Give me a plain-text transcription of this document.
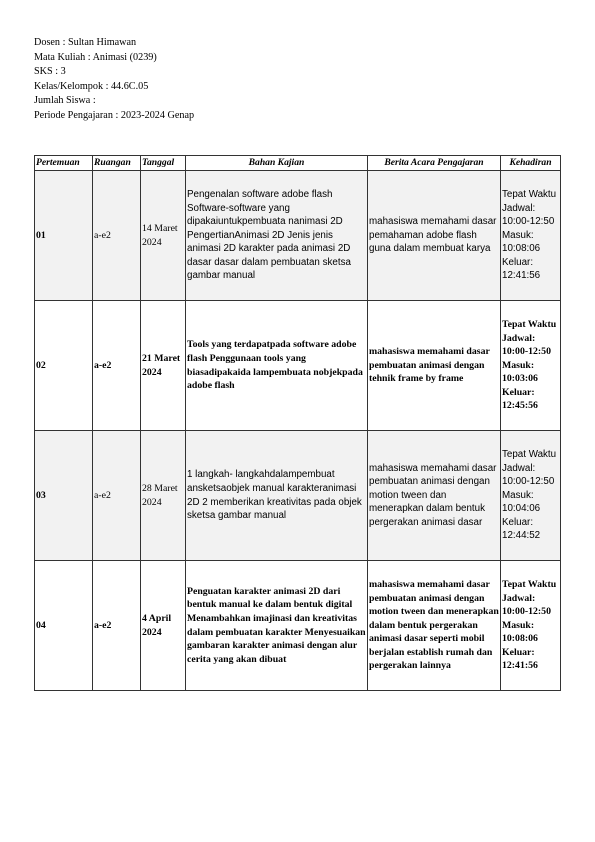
Dosen : Sultan Himawan
Mata Kuliah : Animasi (0239)
SKS : 3
Kelas/Kelompok : 44.6C.05
Jumlah Siswa :
Periode Pengajaran : 2023-2024 Genap
Pertemuan	Ruangan	Tanggal	Bahan Kajian	Berita Acara Pengajaran	Kehadiran
01	a-e2	14 Maret 2024	Pengenalan software adobe flash Software-software yang dipakaiuntukpembuata nanimasi 2D PengertianAnimasi 2D Jenis jenis animasi 2D karakter pada animasi 2D dasar dasar dalam pembuatan sketsa gambar manual	mahasiswa memahami dasar pemahaman adobe flash guna dalam membuat karya	Tepat Waktu Jadwal: 10:00-12:50 Masuk: 10:08:06 Keluar: 12:41:56
02	a-e2	21 Maret 2024	Tools yang terdapatpada software adobe flash Penggunaan tools yang biasadipakaida lampembuata nobjekpada adobe flash	mahasiswa memahami dasar pembuatan animasi dengan tehnik frame by frame	Tepat Waktu Jadwal: 10:00-12:50 Masuk: 10:03:06 Keluar: 12:45:56
03	a-e2	28 Maret 2024	1 langkah- langkahdalampembuat ansketsaobjek manual karakteranimasi 2D 2 memberikan kreativitas pada objek sketsa gambar manual	mahasiswa memahami dasar pembuatan animasi dengan motion tween dan menerapkan dalam bentuk pergerakan animasi dasar	Tepat Waktu Jadwal: 10:00-12:50 Masuk: 10:04:06 Keluar: 12:44:52
04	a-e2	4 April 2024	Penguatan karakter animasi 2D dari bentuk manual ke dalam bentuk digital Menambahkan imajinasi dan kreativitas dalam pembuatan karakter Menyesuaikan gambaran karakter animasi dengan alur cerita yang akan dibuat	mahasiswa memahami dasar pembuatan animasi dengan motion tween dan menerapkan dalam bentuk pergerakan animasi dasar seperti mobil berjalan establish rumah dan pergerakan lainnya	Tepat Waktu Jadwal: 10:00-12:50 Masuk: 10:08:06 Keluar: 12:41:56
